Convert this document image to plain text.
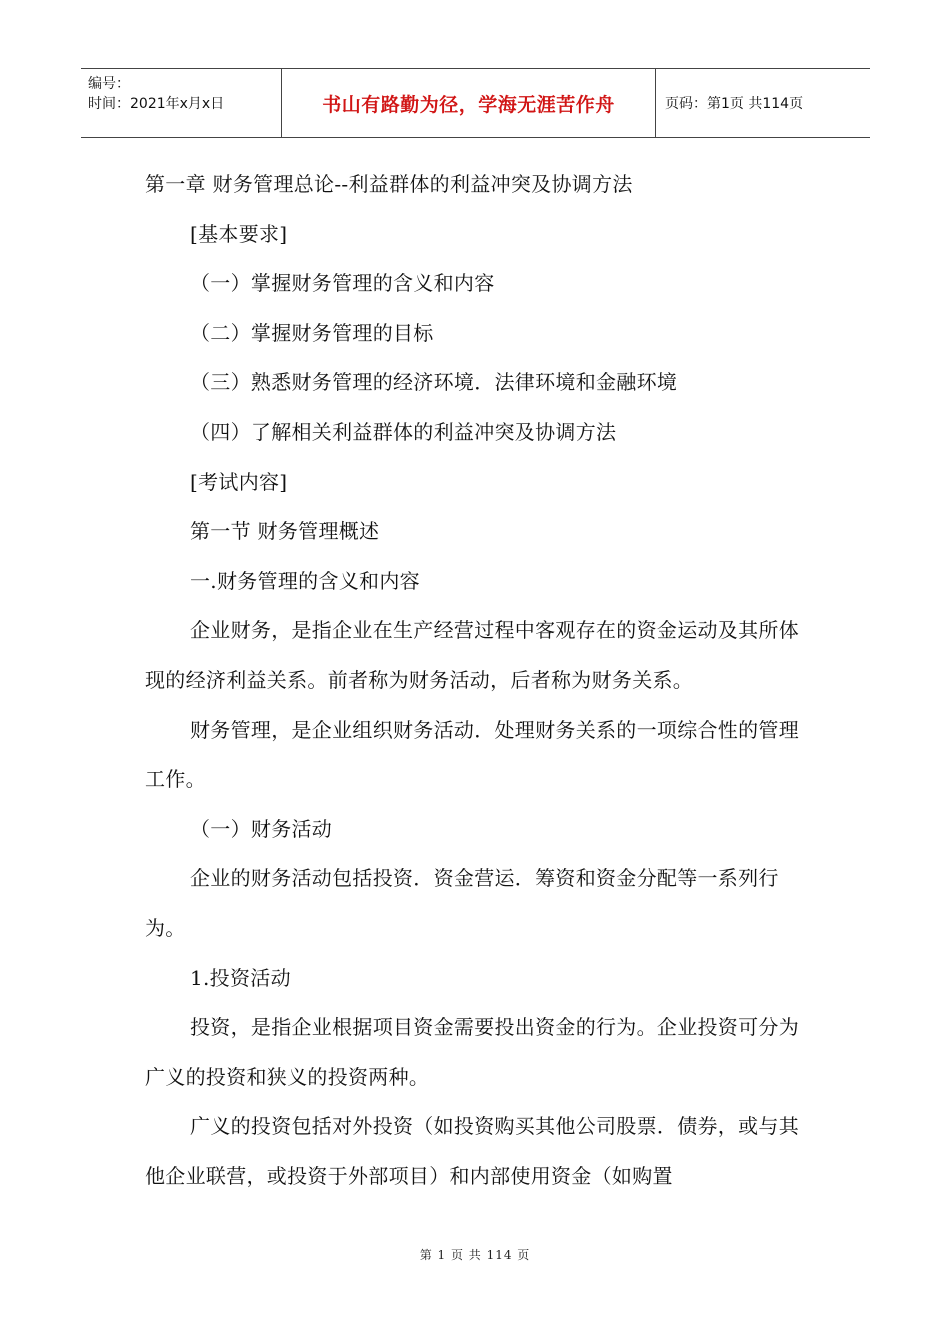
编号：
时间：2021年x月x日	书山有路勤为径，学海无涯苦作舟	页码：第1页 共114页

第一章 财务管理总论--利益群体的利益冲突及协调方法

[基本要求]

（一）掌握财务管理的含义和内容

（二）掌握财务管理的目标

（三）熟悉财务管理的经济环境．法律环境和金融环境

（四）了解相关利益群体的利益冲突及协调方法

[考试内容]

第一节 财务管理概述

一.财务管理的含义和内容

企业财务，是指企业在生产经营过程中客观存在的资金运动及其所体现的经济利益关系。前者称为财务活动，后者称为财务关系。

财务管理，是企业组织财务活动．处理财务关系的一项综合性的管理工作。

（一）财务活动

企业的财务活动包括投资．资金营运．筹资和资金分配等一系列行为。

1.投资活动

投资，是指企业根据项目资金需要投出资金的行为。企业投资可分为广义的投资和狭义的投资两种。

广义的投资包括对外投资（如投资购买其他公司股票．债券，或与其他企业联营，或投资于外部项目）和内部使用资金（如购置

第 1 页 共 114 页
